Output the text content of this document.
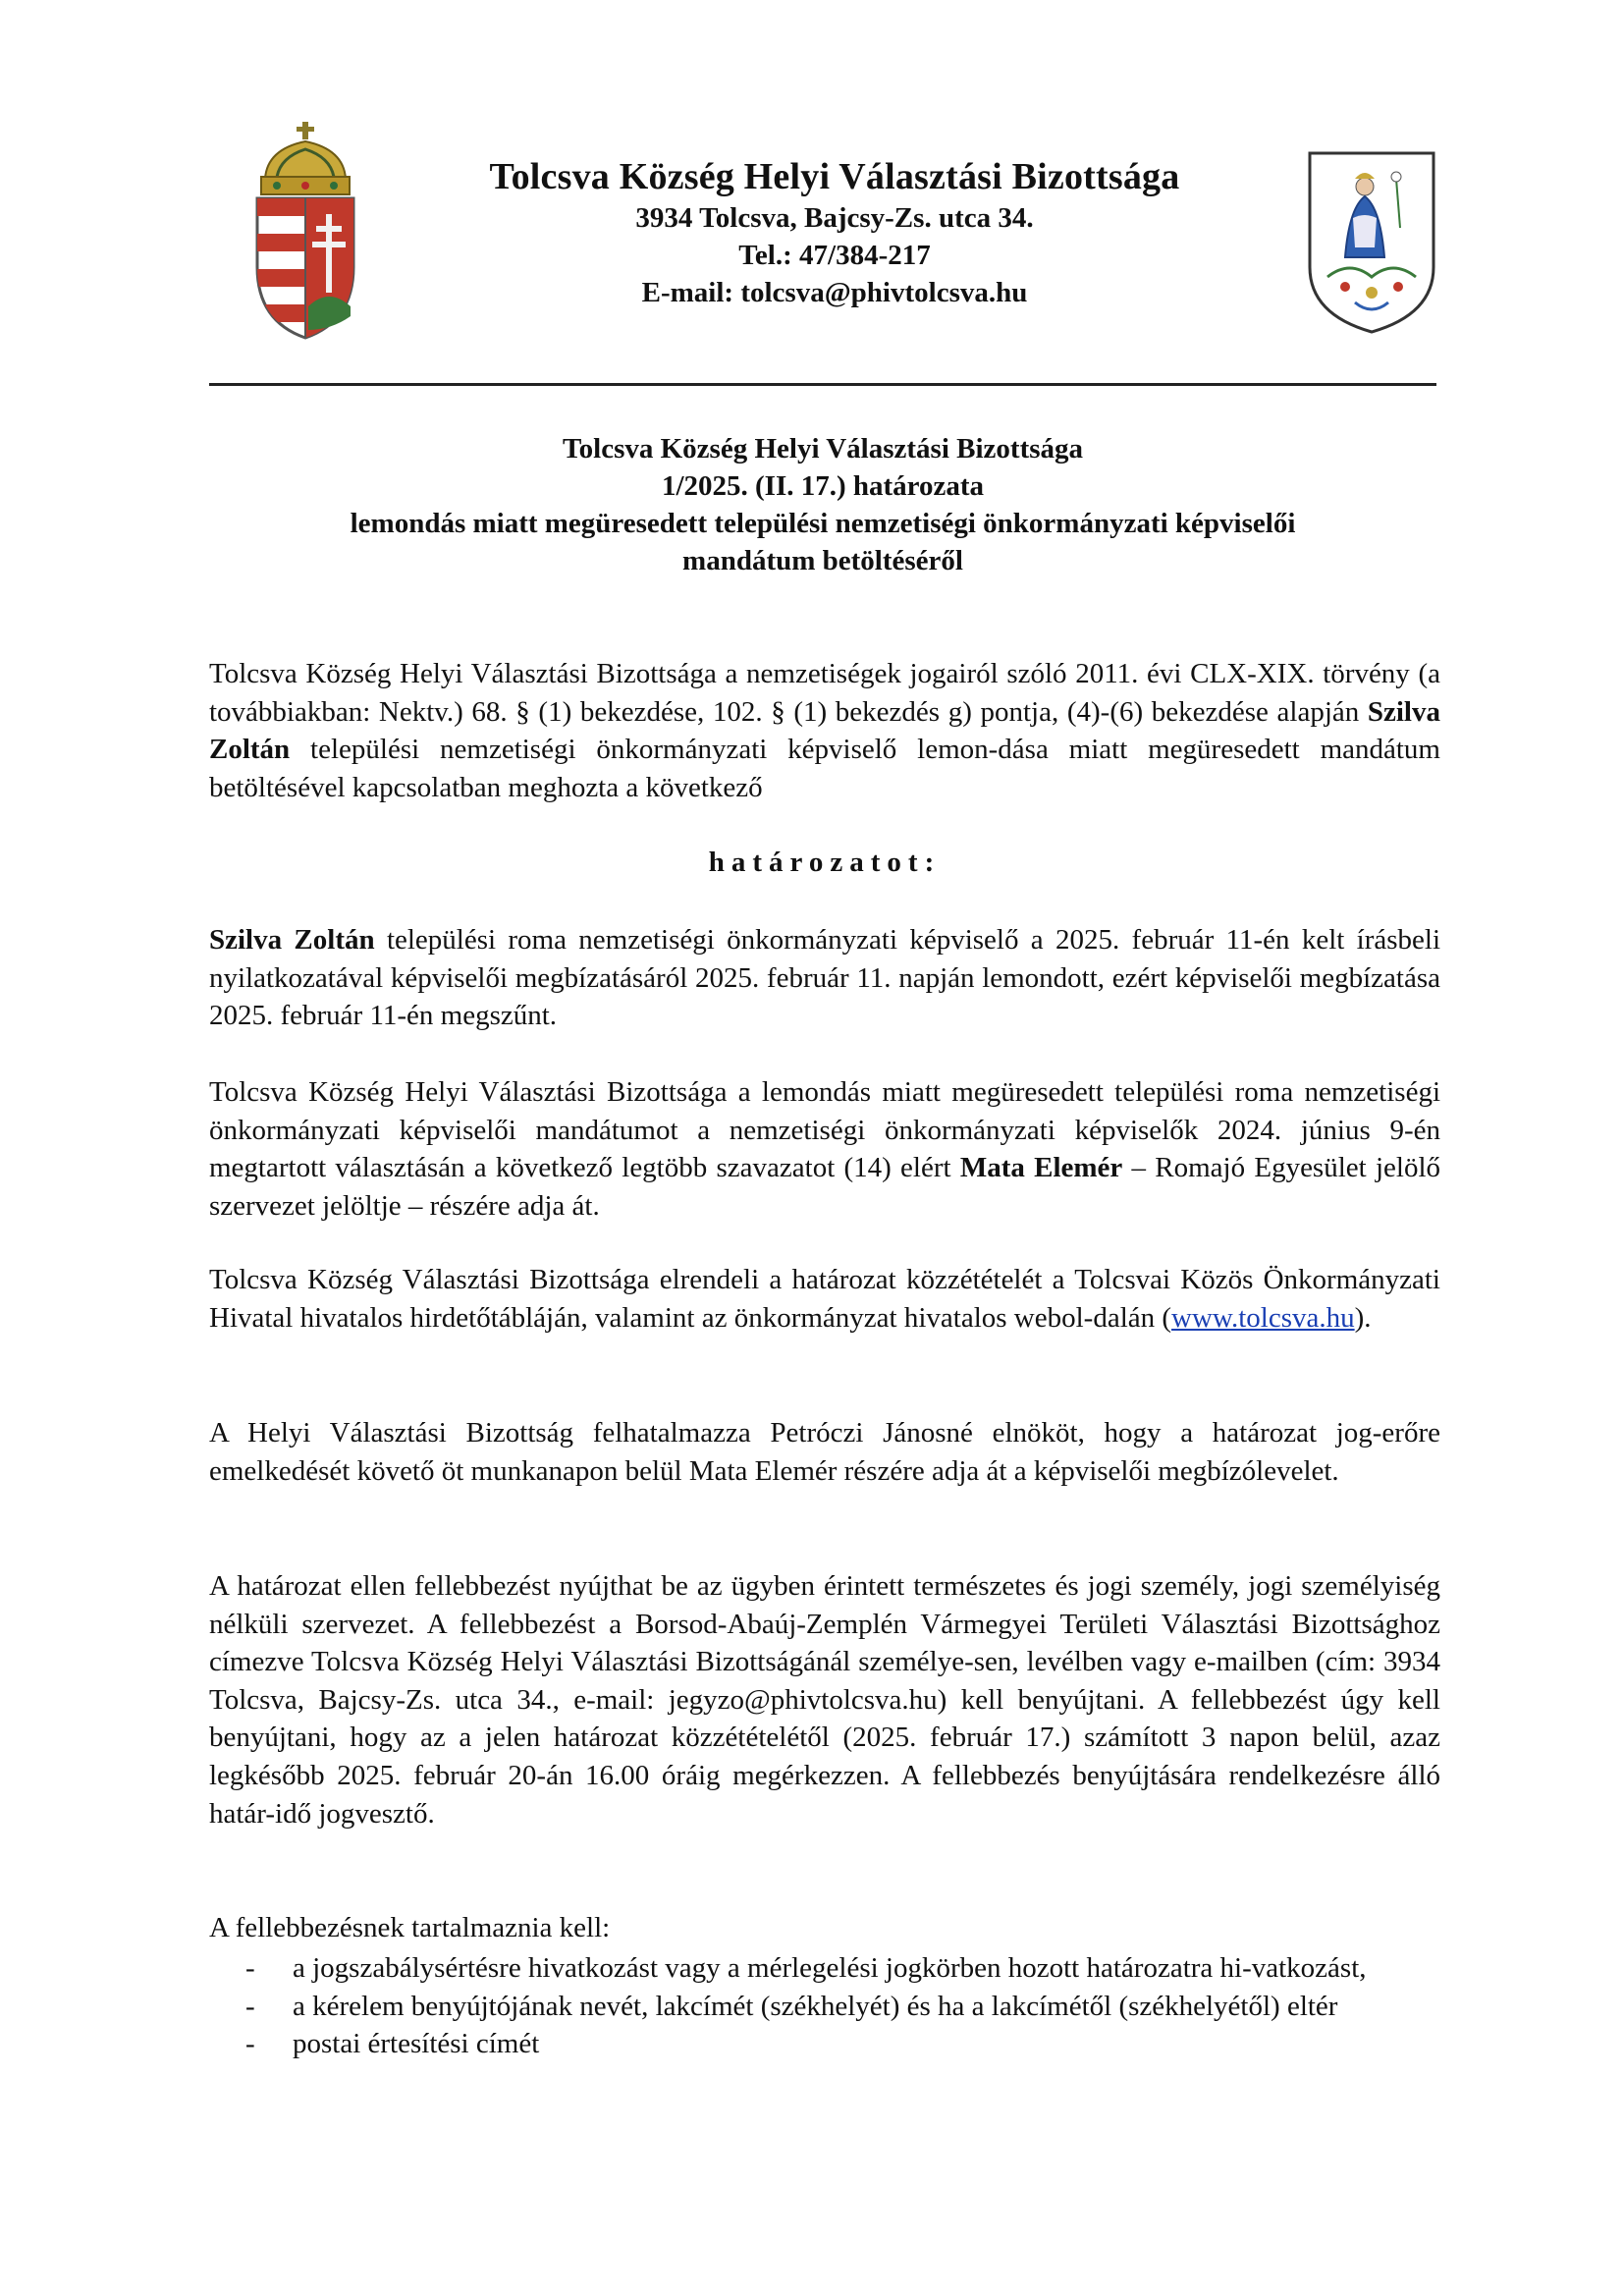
Tolcsva Község Helyi Választási Bizottsága
3934 Tolcsva, Bajcsy-Zs. utca 34.
Tel.: 47/384-217
E-mail: tolcsva@phivtolcsva.hu
Tolcsva Község Helyi Választási Bizottsága
1/2025. (II. 17.) határozata
lemondás miatt megüresedett települési nemzetiségi önkormányzati képviselői
mandátum betöltéséről
Tolcsva Község Helyi Választási Bizottsága a nemzetiségek jogairól szóló 2011. évi CLX-XIX. törvény (a továbbiakban: Nektv.) 68. § (1) bekezdése, 102. § (1) bekezdés g) pontja, (4)-(6) bekezdése alapján Szilva Zoltán települési nemzetiségi önkormányzati képviselő lemon-dása miatt megüresedett mandátum betöltésével kapcsolatban meghozta a következő
határozatot:
Szilva Zoltán települési roma nemzetiségi önkormányzati képviselő a 2025. február 11-én kelt írásbeli nyilatkozatával képviselői megbízatásáról 2025. február 11. napján lemondott, ezért képviselői megbízatása 2025. február 11-én megszűnt.
Tolcsva Község Helyi Választási Bizottsága a lemondás miatt megüresedett települési roma nemzetiségi önkormányzati képviselői mandátumot a nemzetiségi önkormányzati képviselők 2024. június 9-én megtartott választásán a következő legtöbb szavazatot (14) elért Mata Elemér – Romajó Egyesület jelölő szervezet jelöltje – részére adja át.
Tolcsva Község Választási Bizottsága elrendeli a határozat közzétételét a Tolcsvai Közös Önkormányzati Hivatal hivatalos hirdetőtábláján, valamint az önkormányzat hivatalos webol-dalán (www.tolcsva.hu).
A Helyi Választási Bizottság felhatalmazza Petróczi Jánosné elnököt, hogy a határozat jog-erőre emelkedését követő öt munkanapon belül Mata Elemér részére adja át a képviselői megbízólevelet.
A határozat ellen fellebbezést nyújthat be az ügyben érintett természetes és jogi személy, jogi személyiség nélküli szervezet. A fellebbezést a Borsod-Abaúj-Zemplén Vármegyei Területi Választási Bizottsághoz címezve Tolcsva Község Helyi Választási Bizottságánál személye-sen, levélben vagy e-mailben (cím: 3934 Tolcsva, Bajcsy-Zs. utca 34., e-mail: jegyzo@phivtolcsva.hu) kell benyújtani. A fellebbezést úgy kell benyújtani, hogy az a jelen határozat közzétételétől (2025. február 17.) számított 3 napon belül, azaz legkésőbb 2025. február 20-án 16.00 óráig megérkezzen. A fellebbezés benyújtására rendelkezésre álló határ-idő jogvesztő.
A fellebbezésnek tartalmaznia kell:
- a jogszabálysértésre hivatkozást vagy a mérlegelési jogkörben hozott határozatra hi-vatkozást,
- a kérelem benyújtójának nevét, lakcímét (székhelyét) és ha a lakcímétől (székhelyétől) eltér
- postai értesítési címét
